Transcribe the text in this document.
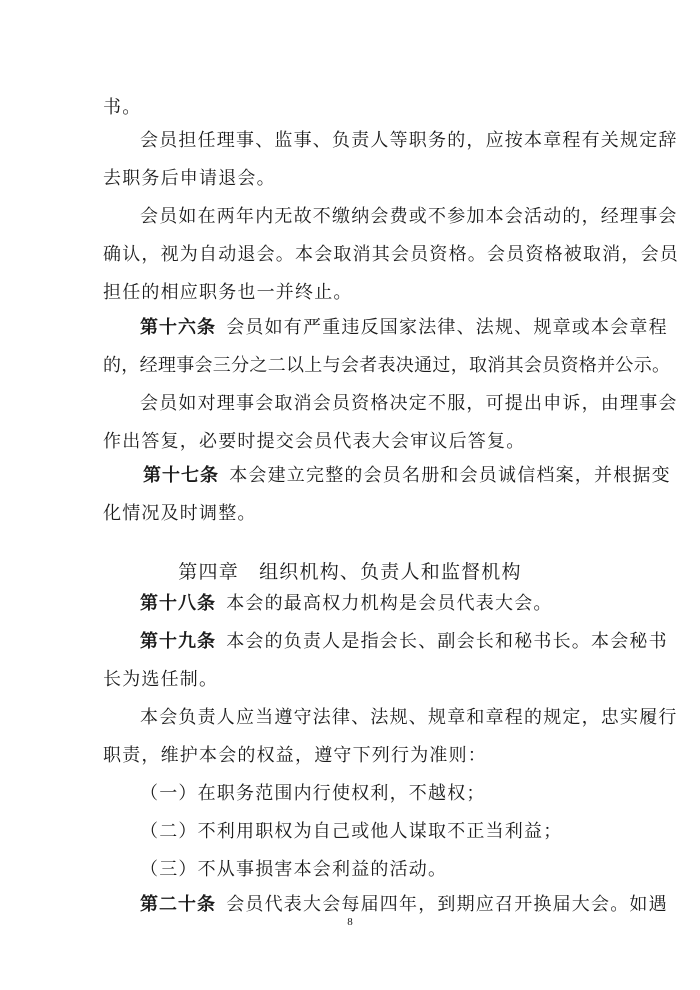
书。
会员担任理事、监事、负责人等职务的，应按本章程有关规定辞
去职务后申请退会。
会员如在两年内无故不缴纳会费或不参加本会活动的，经理事会
确认，视为自动退会。本会取消其会员资格。会员资格被取消，会员
担任的相应职务也一并终止。
第十六条  会员如有严重违反国家法律、法规、规章或本会章程
的，经理事会三分之二以上与会者表决通过，取消其会员资格并公示。
会员如对理事会取消会员资格决定不服，可提出申诉，由理事会
作出答复，必要时提交会员代表大会审议后答复。
第十七条  本会建立完整的会员名册和会员诚信档案，并根据变
化情况及时调整。
第四章　组织机构、负责人和监督机构
第十八条  本会的最高权力机构是会员代表大会。
第十九条  本会的负责人是指会长、副会长和秘书长。本会秘书
长为选任制。
本会负责人应当遵守法律、法规、规章和章程的规定，忠实履行
职责，维护本会的权益，遵守下列行为准则：
（一）在职务范围内行使权利，不越权；
（二）不利用职权为自己或他人谋取不正当利益；
（三）不从事损害本会利益的活动。
第二十条  会员代表大会每届四年，到期应召开换届大会。如遇
8
